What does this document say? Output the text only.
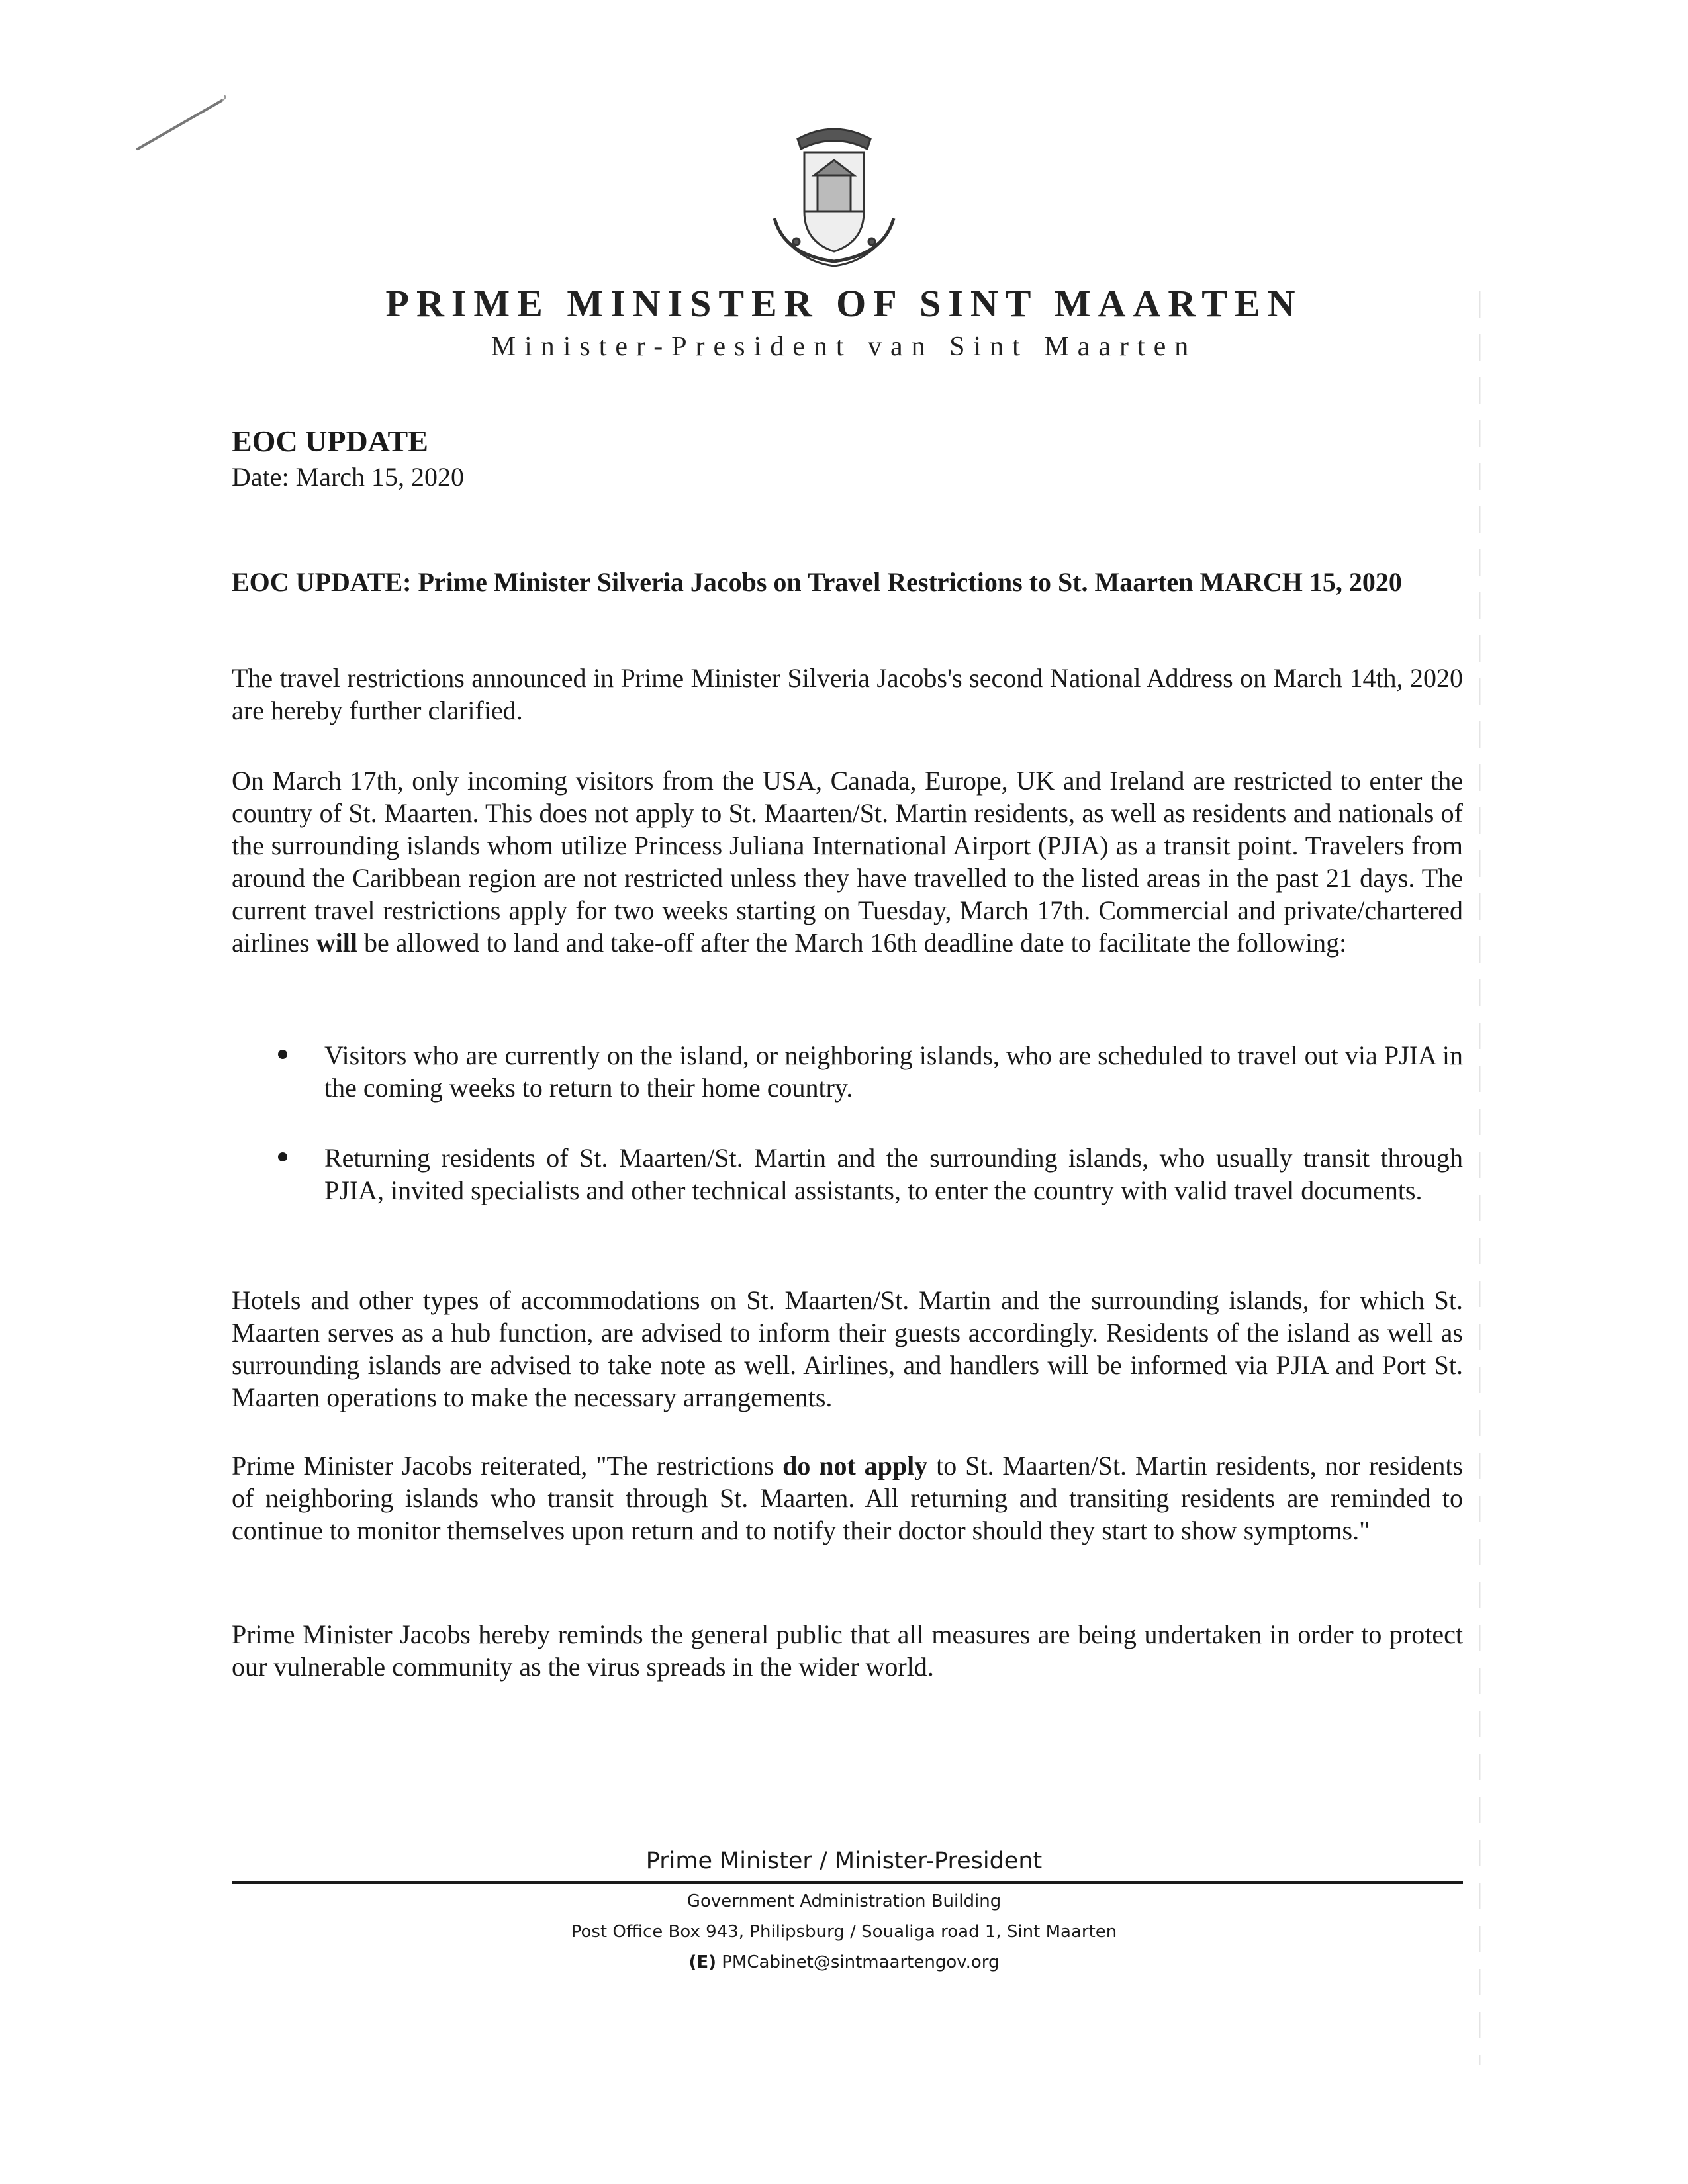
PRIME MINISTER OF SINT MAARTEN
Minister-President van Sint Maarten
EOC UPDATE
Date: March 15, 2020
EOC UPDATE: Prime Minister Silveria Jacobs on Travel Restrictions to St. Maarten MARCH 15, 2020
The travel restrictions announced in Prime Minister Silveria Jacobs's second National Address on March 14th, 2020 are hereby further clarified.
On March 17th, only incoming visitors from the USA, Canada, Europe, UK and Ireland are restricted to enter the country of St. Maarten. This does not apply to St. Maarten/St. Martin residents, as well as residents and nationals of the surrounding islands whom utilize Princess Juliana International Airport (PJIA) as a transit point. Travelers from around the Caribbean region are not restricted unless they have travelled to the listed areas in the past 21 days. The current travel restrictions apply for two weeks starting on Tuesday, March 17th. Commercial and private/chartered airlines will be allowed to land and take-off after the March 16th deadline date to facilitate the following:
Visitors who are currently on the island, or neighboring islands, who are scheduled to travel out via PJIA in the coming weeks to return to their home country.
Returning residents of St. Maarten/St. Martin and the surrounding islands, who usually transit through PJIA, invited specialists and other technical assistants, to enter the country with valid travel documents.
Hotels and other types of accommodations on St. Maarten/St. Martin and the surrounding islands, for which St. Maarten serves as a hub function, are advised to inform their guests accordingly. Residents of the island as well as surrounding islands are advised to take note as well. Airlines, and handlers will be informed via PJIA and Port St. Maarten operations to make the necessary arrangements.
Prime Minister Jacobs reiterated, "The restrictions do not apply to St. Maarten/St. Martin residents, nor residents of neighboring islands who transit through St. Maarten. All returning and transiting residents are reminded to continue to monitor themselves upon return and to notify their doctor should they start to show symptoms."
Prime Minister Jacobs hereby reminds the general public that all measures are being undertaken in order to protect our vulnerable community as the virus spreads in the wider world.
Prime Minister / Minister-President
Government Administration Building
Post Office Box 943, Philipsburg / Soualiga road 1, Sint Maarten
(E) PMCabinet@sintmaartengov.org
